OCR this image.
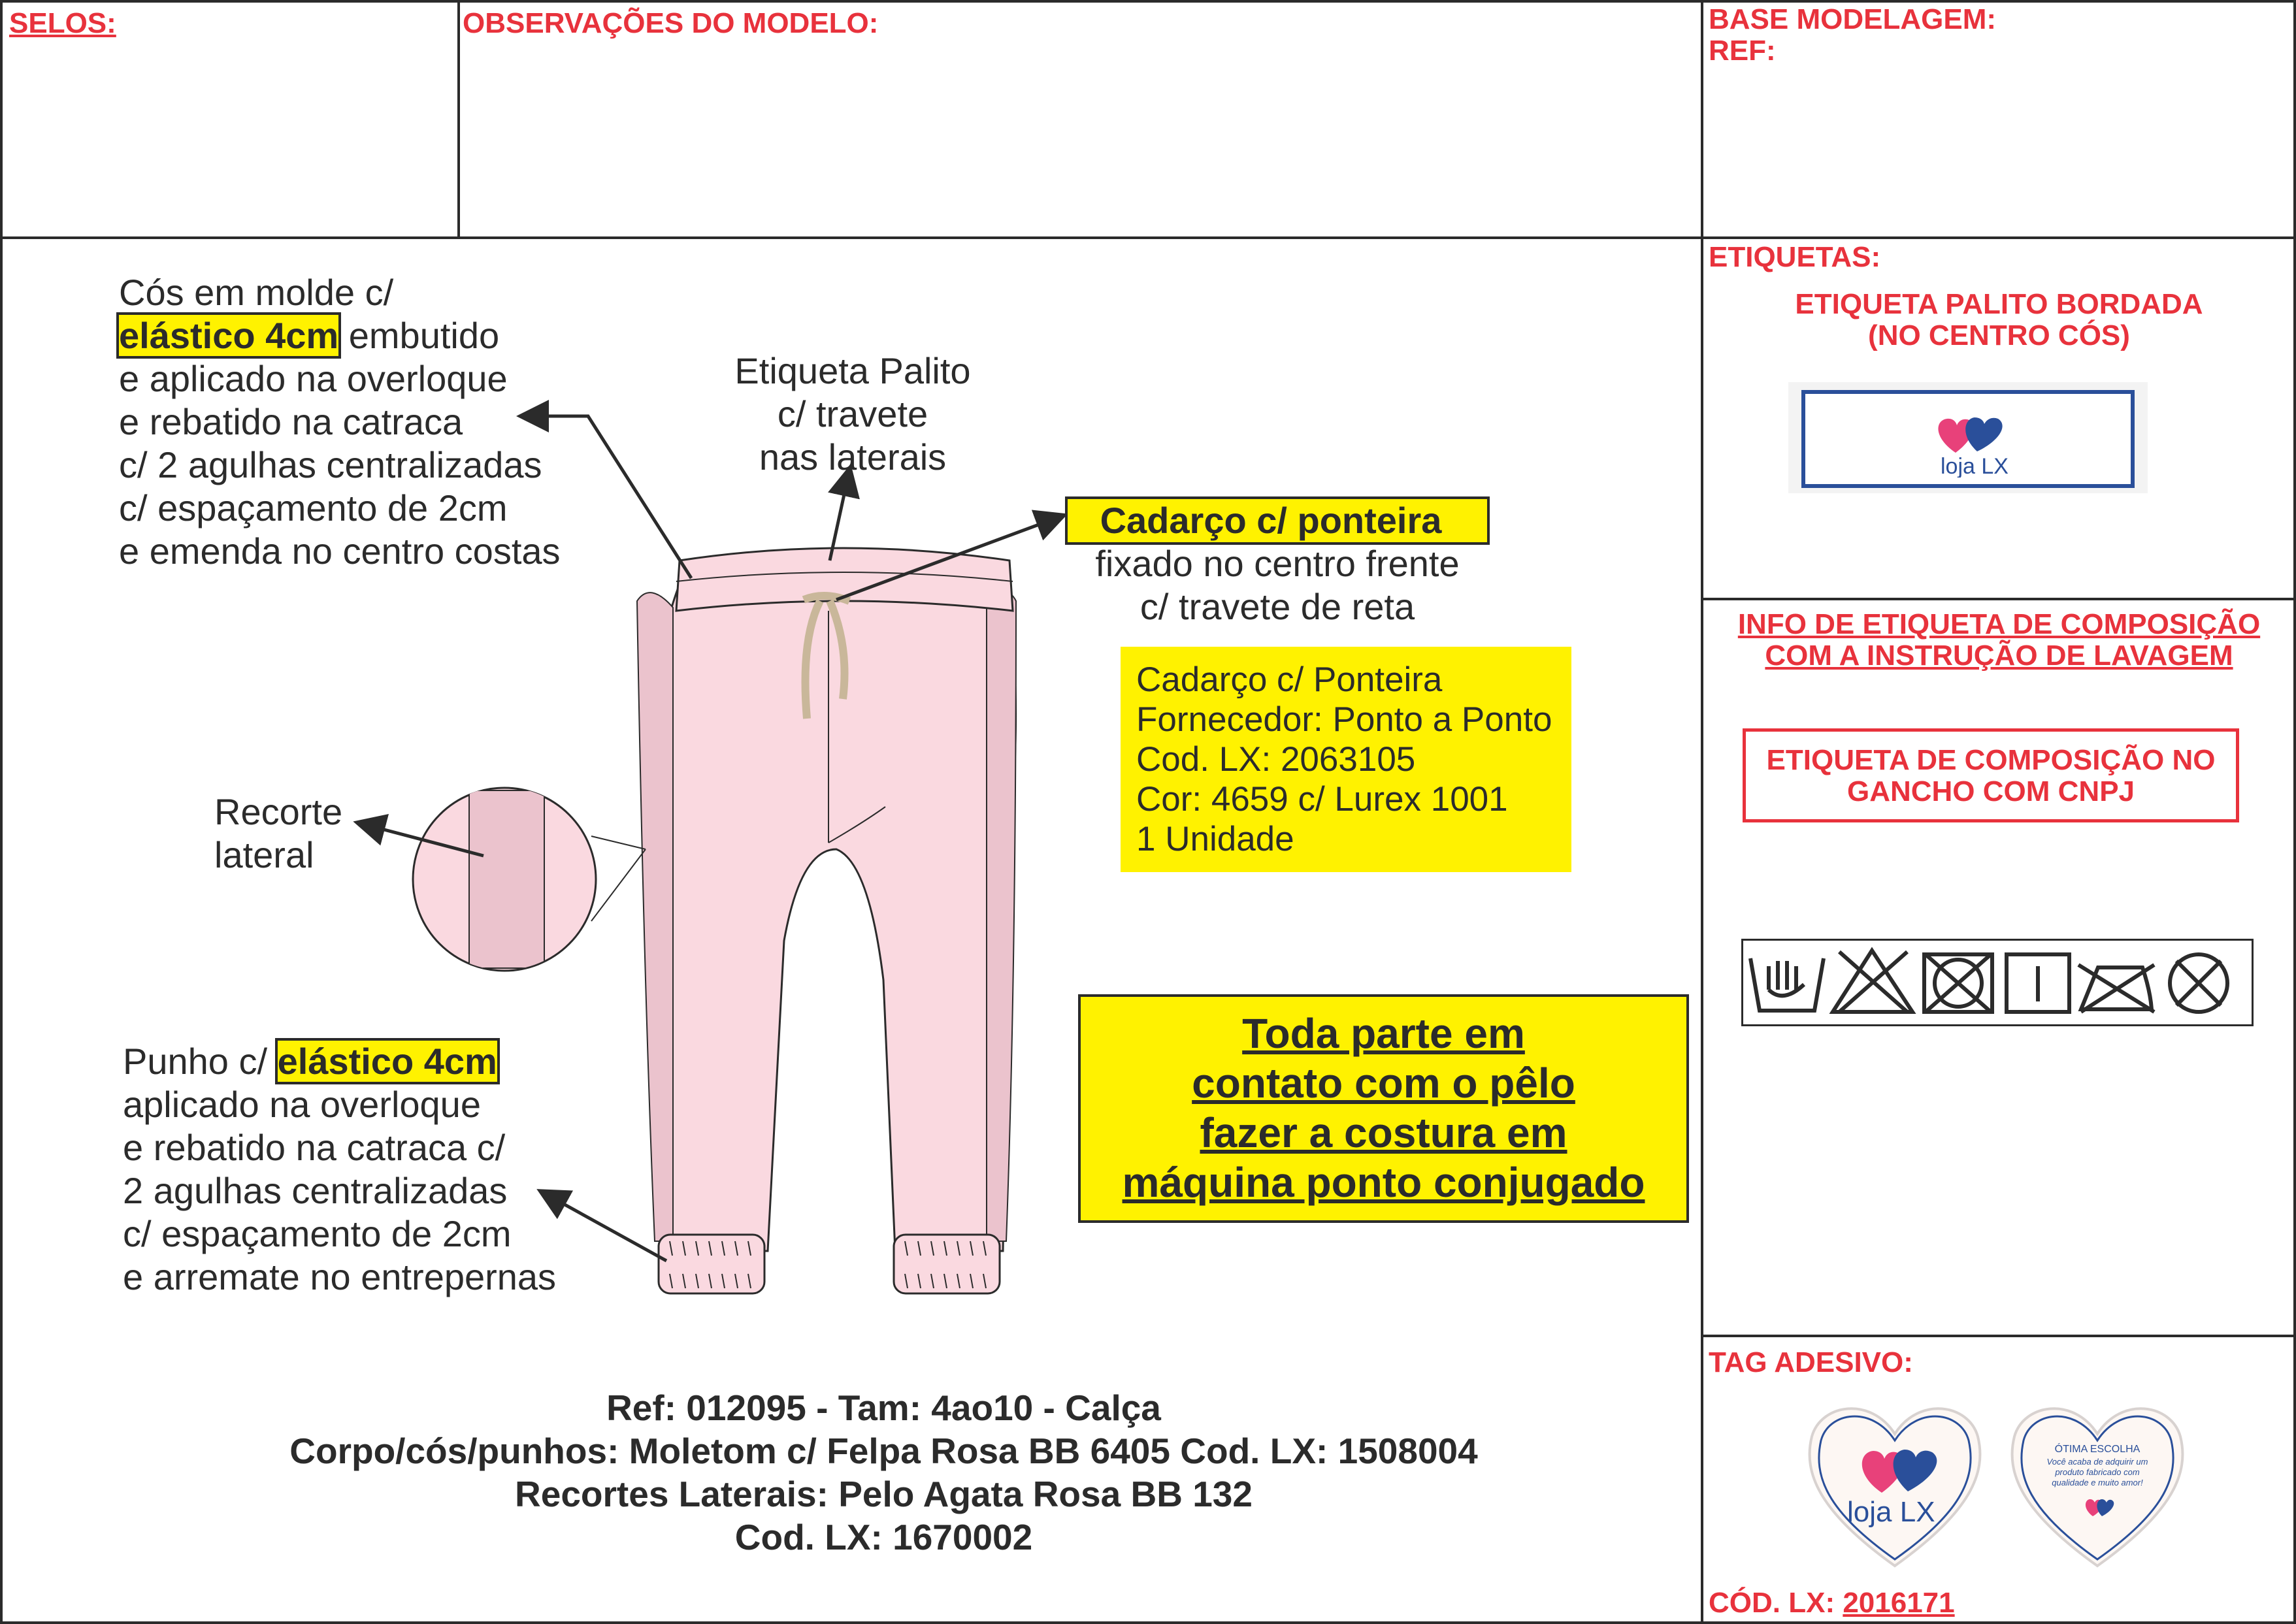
SELOS:	OBSERVAÇÕES DO MODELO:	BASE MODELAGEM:
REF:
ETIQUETAS:
ETIQUETA PALITO BORDADA
(NO CENTRO CÓS)
loja LX
INFO DE ETIQUETA DE COMPOSIÇÃO
COM A INSTRUÇÃO DE LAVAGEM
ETIQUETA DE COMPOSIÇÃO NO
GANCHO COM CNPJ
TAG ADESIVO:
loja LX
ÓTIMA ESCOLHA
Você acaba de adquirir um produto fabricado com qualidade e muito amor!
CÓD. LX: 2016171
Cós em molde c/
elástico 4cm embutido
e aplicado na overloque
e rebatido na catraca
c/ 2 agulhas centralizadas
c/ espaçamento de 2cm
e emenda no centro costas
Etiqueta Palito
c/ travete
nas laterais
Cadarço c/ ponteira
fixado no centro frente
c/ travete de reta
Recorte
lateral
Punho c/ elástico 4cm
aplicado na overloque
e rebatido na catraca c/
2 agulhas centralizadas
c/ espaçamento de 2cm
e arremate no entrepernas
Cadarço c/ Ponteira
Fornecedor: Ponto a Ponto
Cod. LX: 2063105
Cor: 4659 c/ Lurex 1001
1 Unidade
Toda parte em
contato com o pêlo
fazer a costura em
máquina ponto conjugado
Ref: 012095 - Tam: 4ao10 - Calça
Corpo/cós/punhos: Moletom c/ Felpa Rosa BB 6405 Cod. LX: 1508004
Recortes Laterais: Pelo Agata Rosa BB 132
Cod. LX: 1670002
